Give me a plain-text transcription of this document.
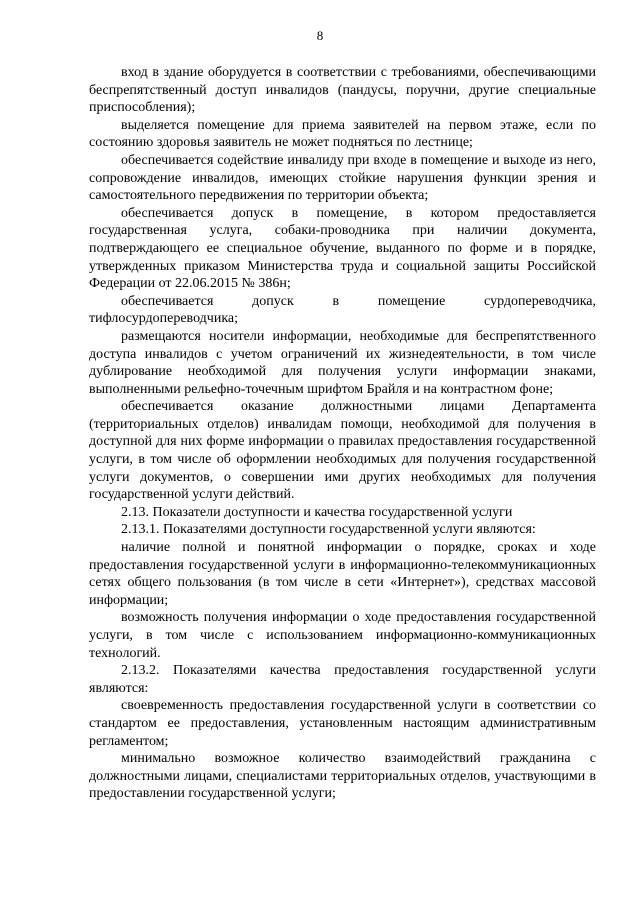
8

вход в здание оборудуется в соответствии с требованиями, обеспечивающими беспрепятственный доступ инвалидов (пандусы, поручни, другие специальные приспособления);

выделяется помещение для приема заявителей на первом этаже, если по состоянию здоровья заявитель не может подняться по лестнице;

обеспечивается содействие инвалиду при входе в помещение и выходе из него, сопровождение инвалидов, имеющих стойкие нарушения функции зрения и самостоятельного передвижения по территории объекта;

обеспечивается допуск в помещение, в котором предоставляется государственная услуга, собаки-проводника при наличии документа, подтверждающего ее специальное обучение, выданного по форме и в порядке, утвержденных приказом Министерства труда и социальной защиты Российской Федерации от 22.06.2015 № 386н;

обеспечивается допуск в помещение сурдопереводчика, тифлосурдопереводчика;

размещаются носители информации, необходимые для беспрепятственного доступа инвалидов с учетом ограничений их жизнедеятельности, в том числе дублирование необходимой для получения услуги информации знаками, выполненными рельефно-точечным шрифтом Брайля и на контрастном фоне;

обеспечивается оказание должностными лицами Департамента (территориальных отделов) инвалидам помощи, необходимой для получения в доступной для них форме информации о правилах предоставления государственной услуги, в том числе об оформлении необходимых для получения государственной услуги документов, о совершении ими других необходимых для получения государственной услуги действий.

2.13. Показатели доступности и качества государственной услуги

2.13.1. Показателями доступности государственной услуги являются:

наличие полной и понятной информации о порядке, сроках и ходе предоставления государственной услуги в информационно-телекоммуникационных сетях общего пользования (в том числе в сети «Интернет»), средствах массовой информации;

возможность получения информации о ходе предоставления государственной услуги, в том числе с использованием информационно-коммуникационных технологий.

2.13.2. Показателями качества предоставления государственной услуги являются:

своевременность предоставления государственной услуги в соответствии со стандартом ее предоставления, установленным настоящим административным регламентом;

минимально возможное количество взаимодействий гражданина с должностными лицами, специалистами территориальных отделов, участвующими в предоставлении государственной услуги;
